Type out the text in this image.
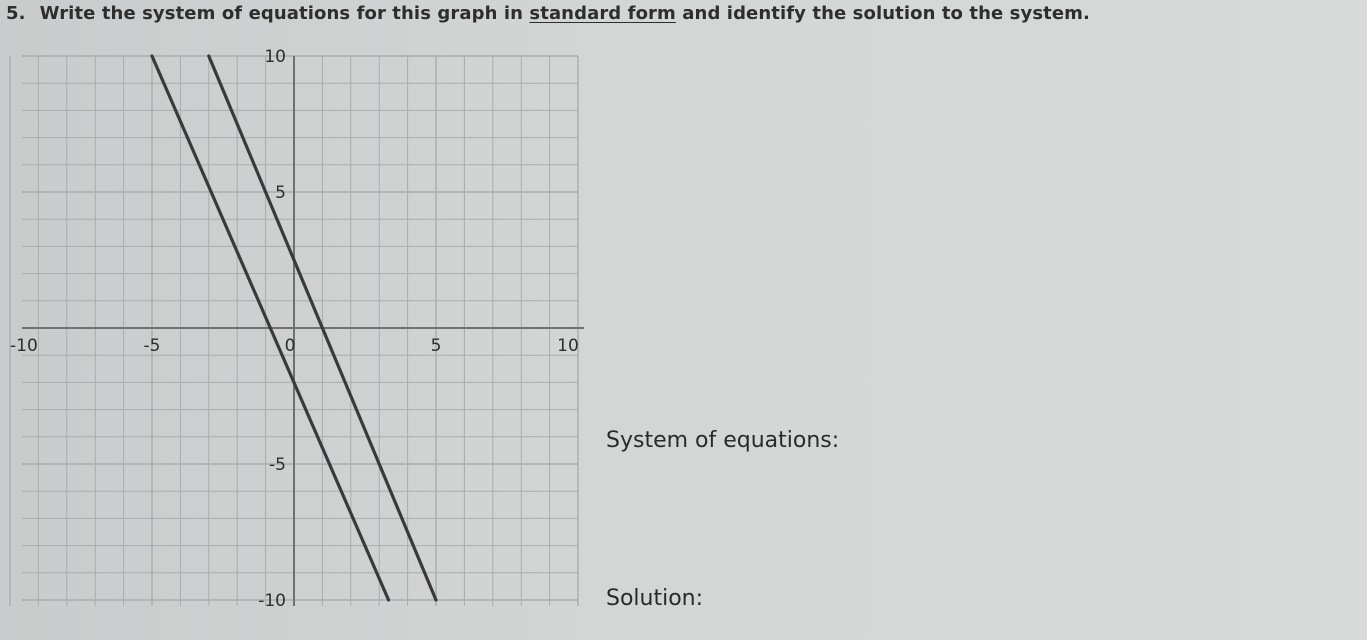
5. Write the system of equations for this graph in standard form and identify the solution to the system.
-10	-5	0	5	10
10
5
-5
-10
System of equations:
Solution:
